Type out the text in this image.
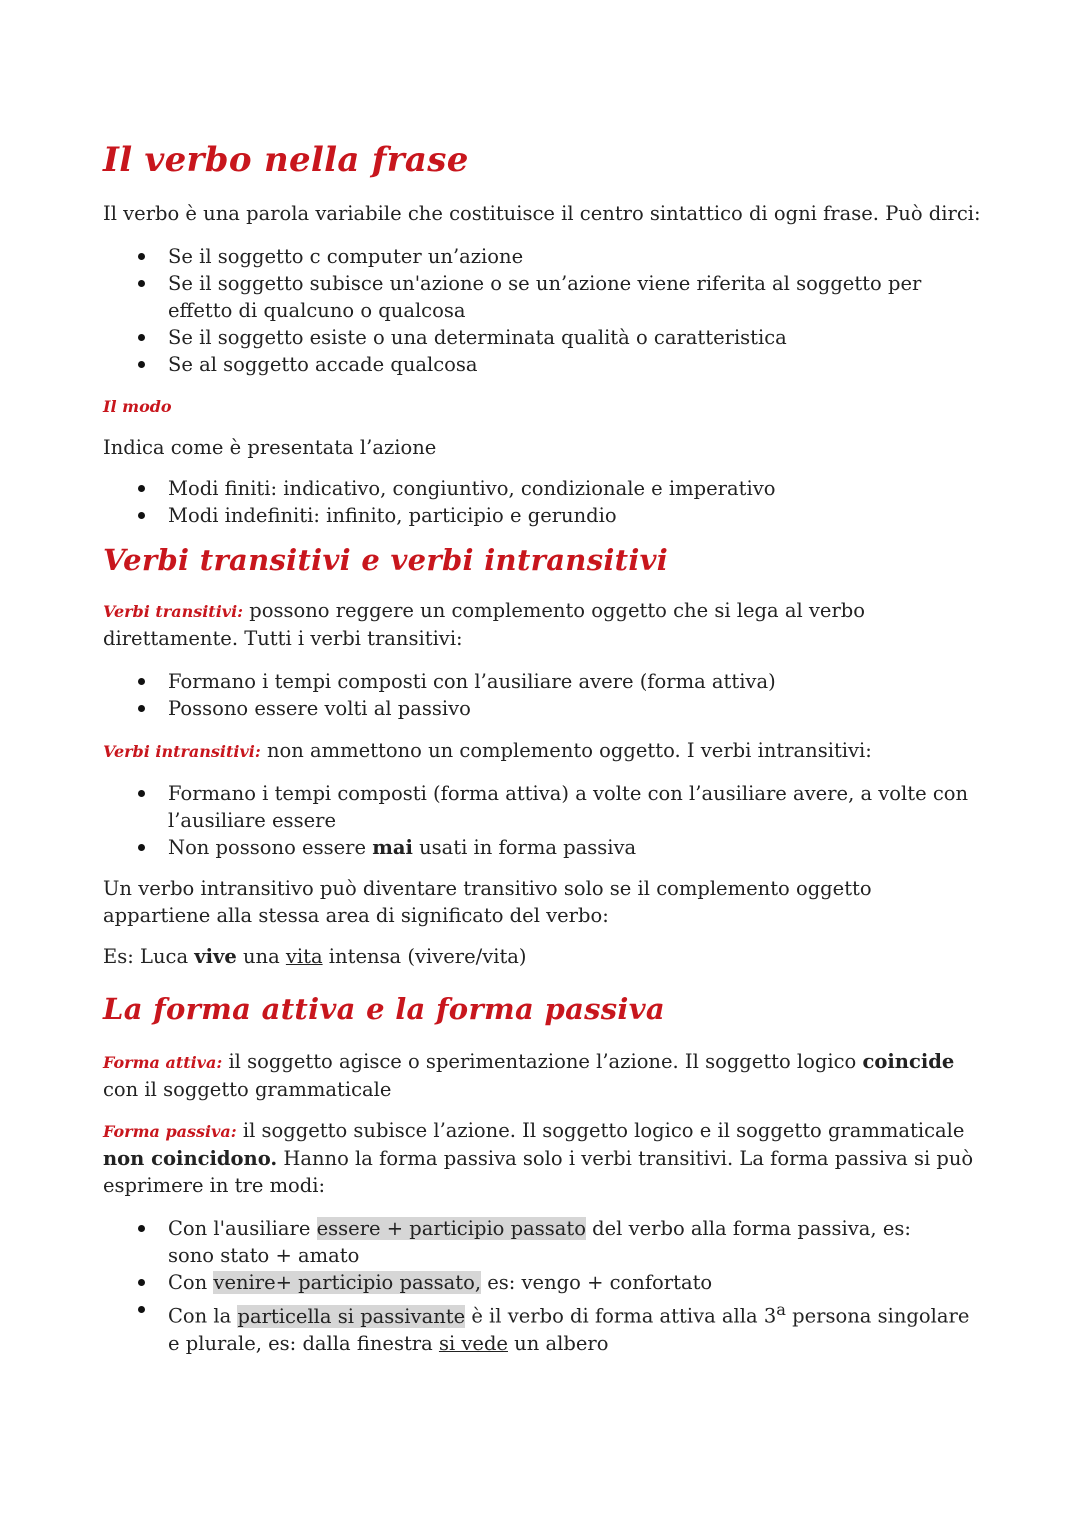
Il verbo nella frase

Il verbo è una parola variabile che costituisce il centro sintattico di ogni frase. Può dirci:

Se il soggetto c computer un’azione
Se il soggetto subisce un'azione o se un’azione viene riferita al soggetto per effetto di qualcuno o qualcosa
Se il soggetto esiste o una determinata qualità o caratteristica
Se al soggetto accade qualcosa

Il modo

Indica come è presentata l’azione

Modi finiti: indicativo, congiuntivo, condizionale e imperativo
Modi indefiniti: infinito, participio e gerundio
Verbi transitivi e verbi intransitivi

Verbi transitivi: possono reggere un complemento oggetto che si lega al verbo direttamente. Tutti i verbi transitivi:

Formano i tempi composti con l’ausiliare avere (forma attiva)
Possono essere volti al passivo

Verbi intransitivi: non ammettono un complemento oggetto. I verbi intransitivi:

Formano i tempi composti (forma attiva) a volte con l’ausiliare avere, a volte con l’ausiliare essere
Non possono essere mai usati in forma passiva

Un verbo intransitivo può diventare transitivo solo se il complemento oggetto appartiene alla stessa area di significato del verbo:

Es: Luca vive una vita intensa (vivere/vita)

La forma attiva e la forma passiva

Forma attiva: il soggetto agisce o sperimentazione l’azione. Il soggetto logico coincide con il soggetto grammaticale

Forma passiva: il soggetto subisce l’azione. Il soggetto logico e il soggetto grammaticale non coincidono. Hanno la forma passiva solo i verbi transitivi. La forma passiva si può esprimere in tre modi:

Con l'ausiliare essere + participio passato del verbo alla forma passiva, es:
sono stato + amato
Con venire+ participio passato, es: vengo + confortato
Con la particella si passivante è il verbo di forma attiva alla 3$^a$ persona singolare e plurale, es: dalla finestra si vede un albero
